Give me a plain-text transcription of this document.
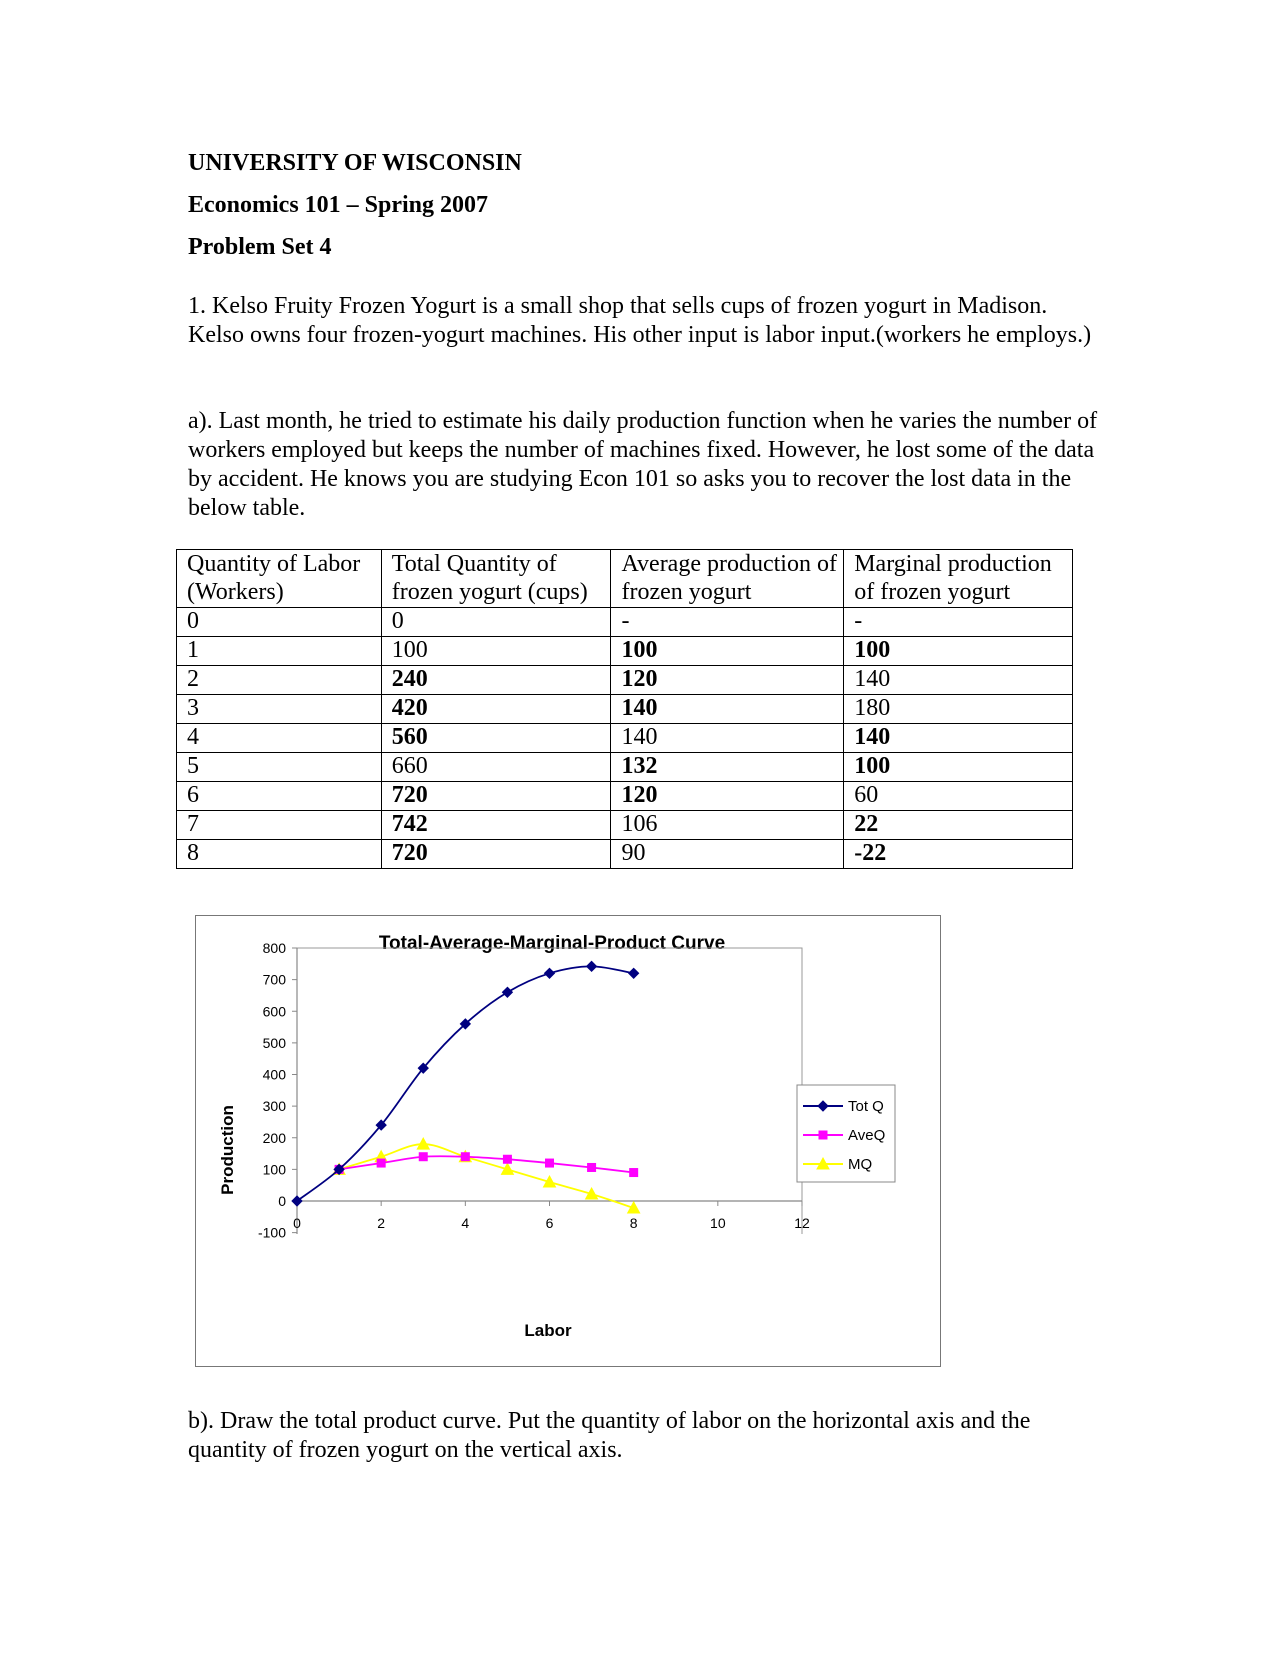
UNIVERSITY OF WISCONSIN

Economics 101 – Spring 2007

Problem Set 4

1. Kelso Fruity Frozen Yogurt is a small shop that sells cups of frozen yogurt in Madison. Kelso owns four frozen-yogurt machines. His other input is labor input.(workers he employs.)

a). Last month, he tried to estimate his daily production function when he varies the number of workers employed but keeps the number of machines fixed. However, he lost some of the data by accident. He knows you are studying Econ 101 so asks you to recover the lost data in the below table.

Quantity of Labor (Workers)	Total Quantity of frozen yogurt (cups)	Average production of frozen yogurt	Marginal production of frozen yogurt
0	0	-	-
1	100	100	100
2	240	120	140
3	420	140	180
4	560	140	140
5	660	132	100
6	720	120	60
7	742	106	22
8	720	90	-22
Total-Average-Marginal-Product Curve
Labor
Production
800
700
600
500
400
300
200
100
0
-100
0	2	4	6	8	10	12
Tot Q
AveQ
MQ

b). Draw the total product curve. Put the quantity of labor on the horizontal axis and the quantity of frozen yogurt on the vertical axis.
